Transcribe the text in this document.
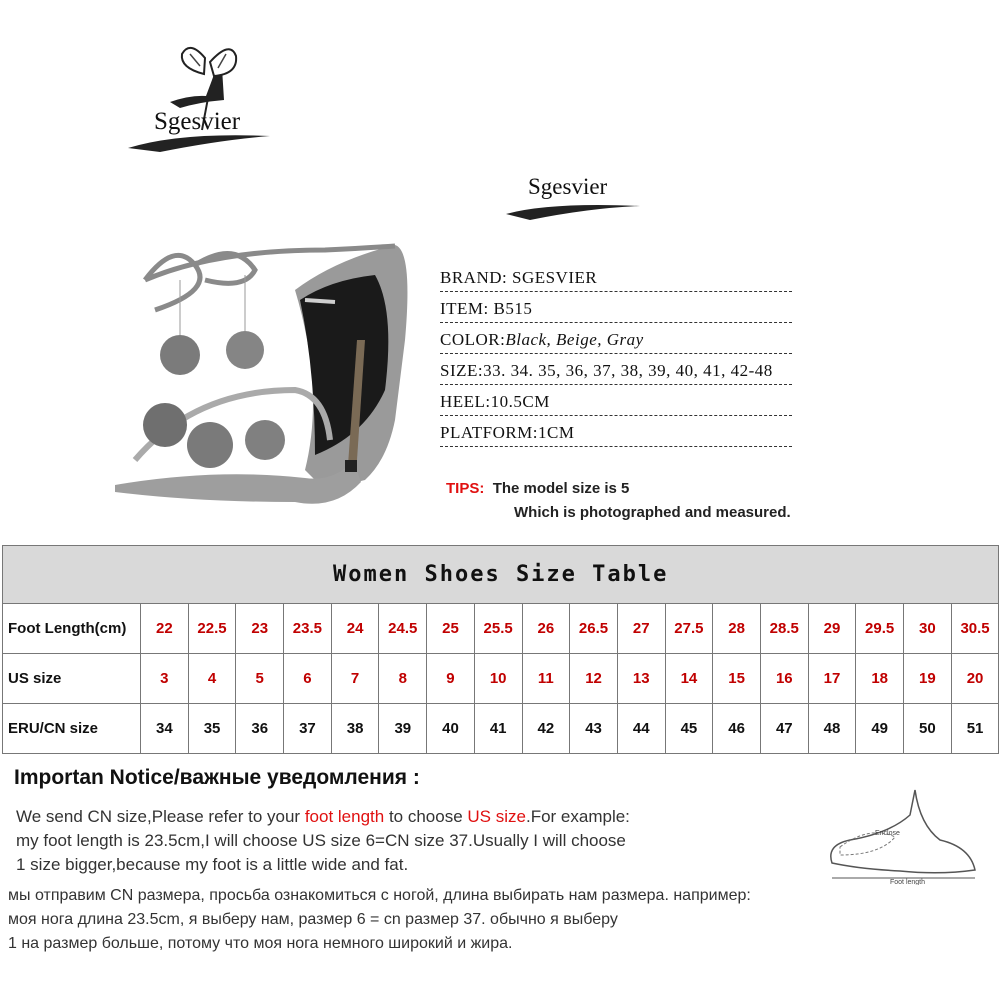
Sgesvier
Sgesvier
BRAND: SGESVIER
ITEM: B515
COLOR:Black, Beige, Gray
SIZE:33. 34. 35, 36, 37, 38, 39, 40, 41, 42-48
HEEL:10.5CM
PLATFORM:1CM
TIPS: The model size is 5
Which is photographed and measured.
Women Shoes Size Table																		
Foot Length(cm)	22	22.5	23	23.5	24	24.5	25	25.5	26	26.5	27	27.5	28	28.5	29	29.5	30	30.5
US size	3	4	5	6	7	8	9	10	11	12	13	14	15	16	17	18	19	20
ERU/CN size	34	35	36	37	38	39	40	41	42	43	44	45	46	47	48	49	50	51
Importan Notice/важные уведомления :
We send CN size,Please refer to your foot length to choose US size.For example:
my foot length is 23.5cm,I will choose US size 6=CN size 37.Usually I will choose
1 size bigger,because my foot is a little wide and fat.
мы отправим CN размера, просьба ознакомиться с ногой, длина выбирать нам размера. например:
моя нога длина 23.5cm, я выберу нам, размер 6 = cn размер 37. обычно я выберу
1 на размер больше, потому что моя нога немного широкий и жира.
Enclose
Foot length
